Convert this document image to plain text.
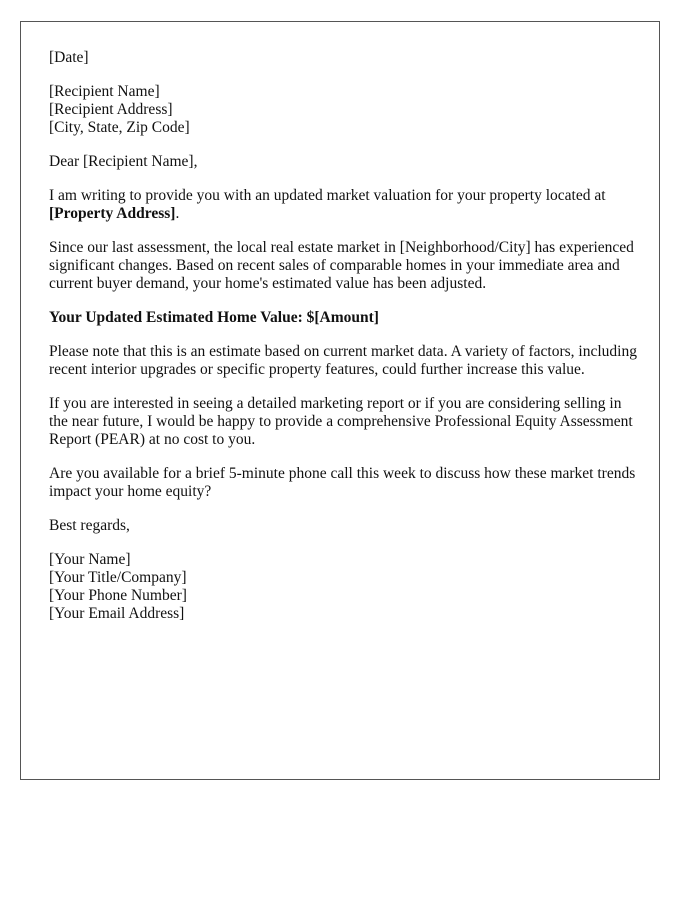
[Date]

[Recipient Name]
[Recipient Address]
[City, State, Zip Code]

Dear [Recipient Name],

I am writing to provide you with an updated market valuation for your property located at [Property Address].

Since our last assessment, the local real estate market in [Neighborhood/City] has experienced significant changes. Based on recent sales of comparable homes in your immediate area and current buyer demand, your home's estimated value has been adjusted.

Your Updated Estimated Home Value: $[Amount]

Please note that this is an estimate based on current market data. A variety of factors, including recent interior upgrades or specific property features, could further increase this value.

If you are interested in seeing a detailed marketing report or if you are considering selling in the near future, I would be happy to provide a comprehensive Professional Equity Assessment Report (PEAR) at no cost to you.

Are you available for a brief 5-minute phone call this week to discuss how these market trends impact your home equity?

Best regards,

[Your Name]
[Your Title/Company]
[Your Phone Number]
[Your Email Address]
